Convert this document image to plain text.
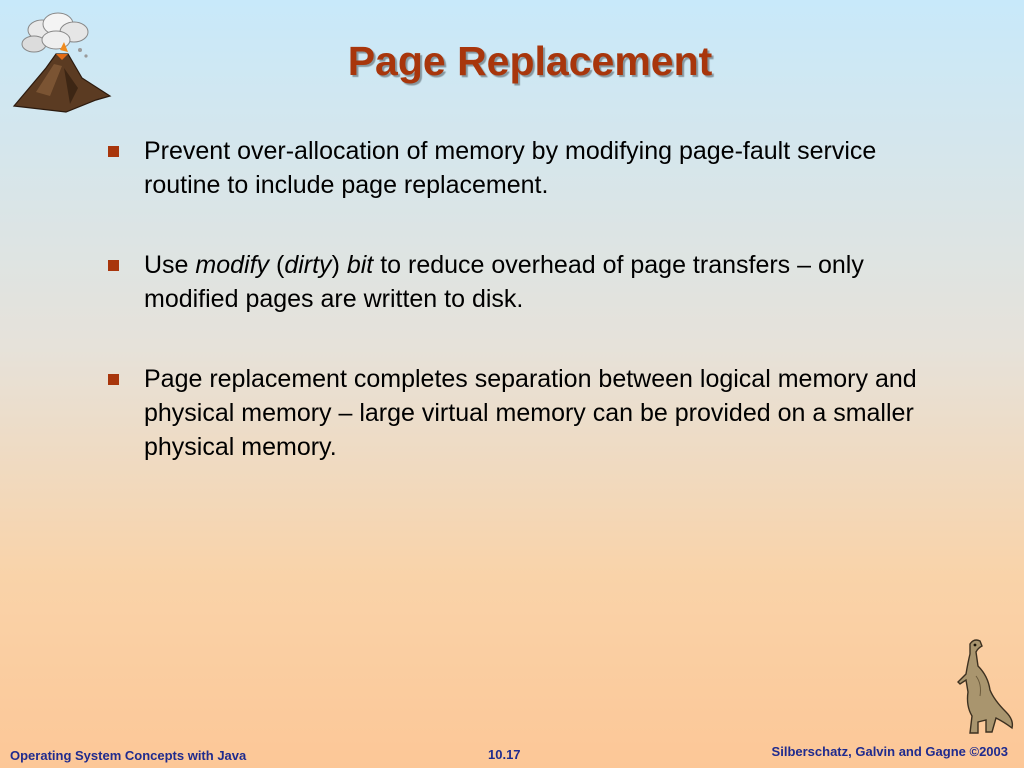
Page Replacement
Prevent over-allocation of memory by modifying page-fault service routine to include page replacement.
Use modify (dirty) bit to reduce overhead of page transfers – only modified pages are written to disk.
Page replacement completes separation between logical memory and physical memory – large virtual memory can be provided on a smaller physical memory.
Operating System Concepts with Java	10.17	Silberschatz, Galvin and Gagne ©2003
